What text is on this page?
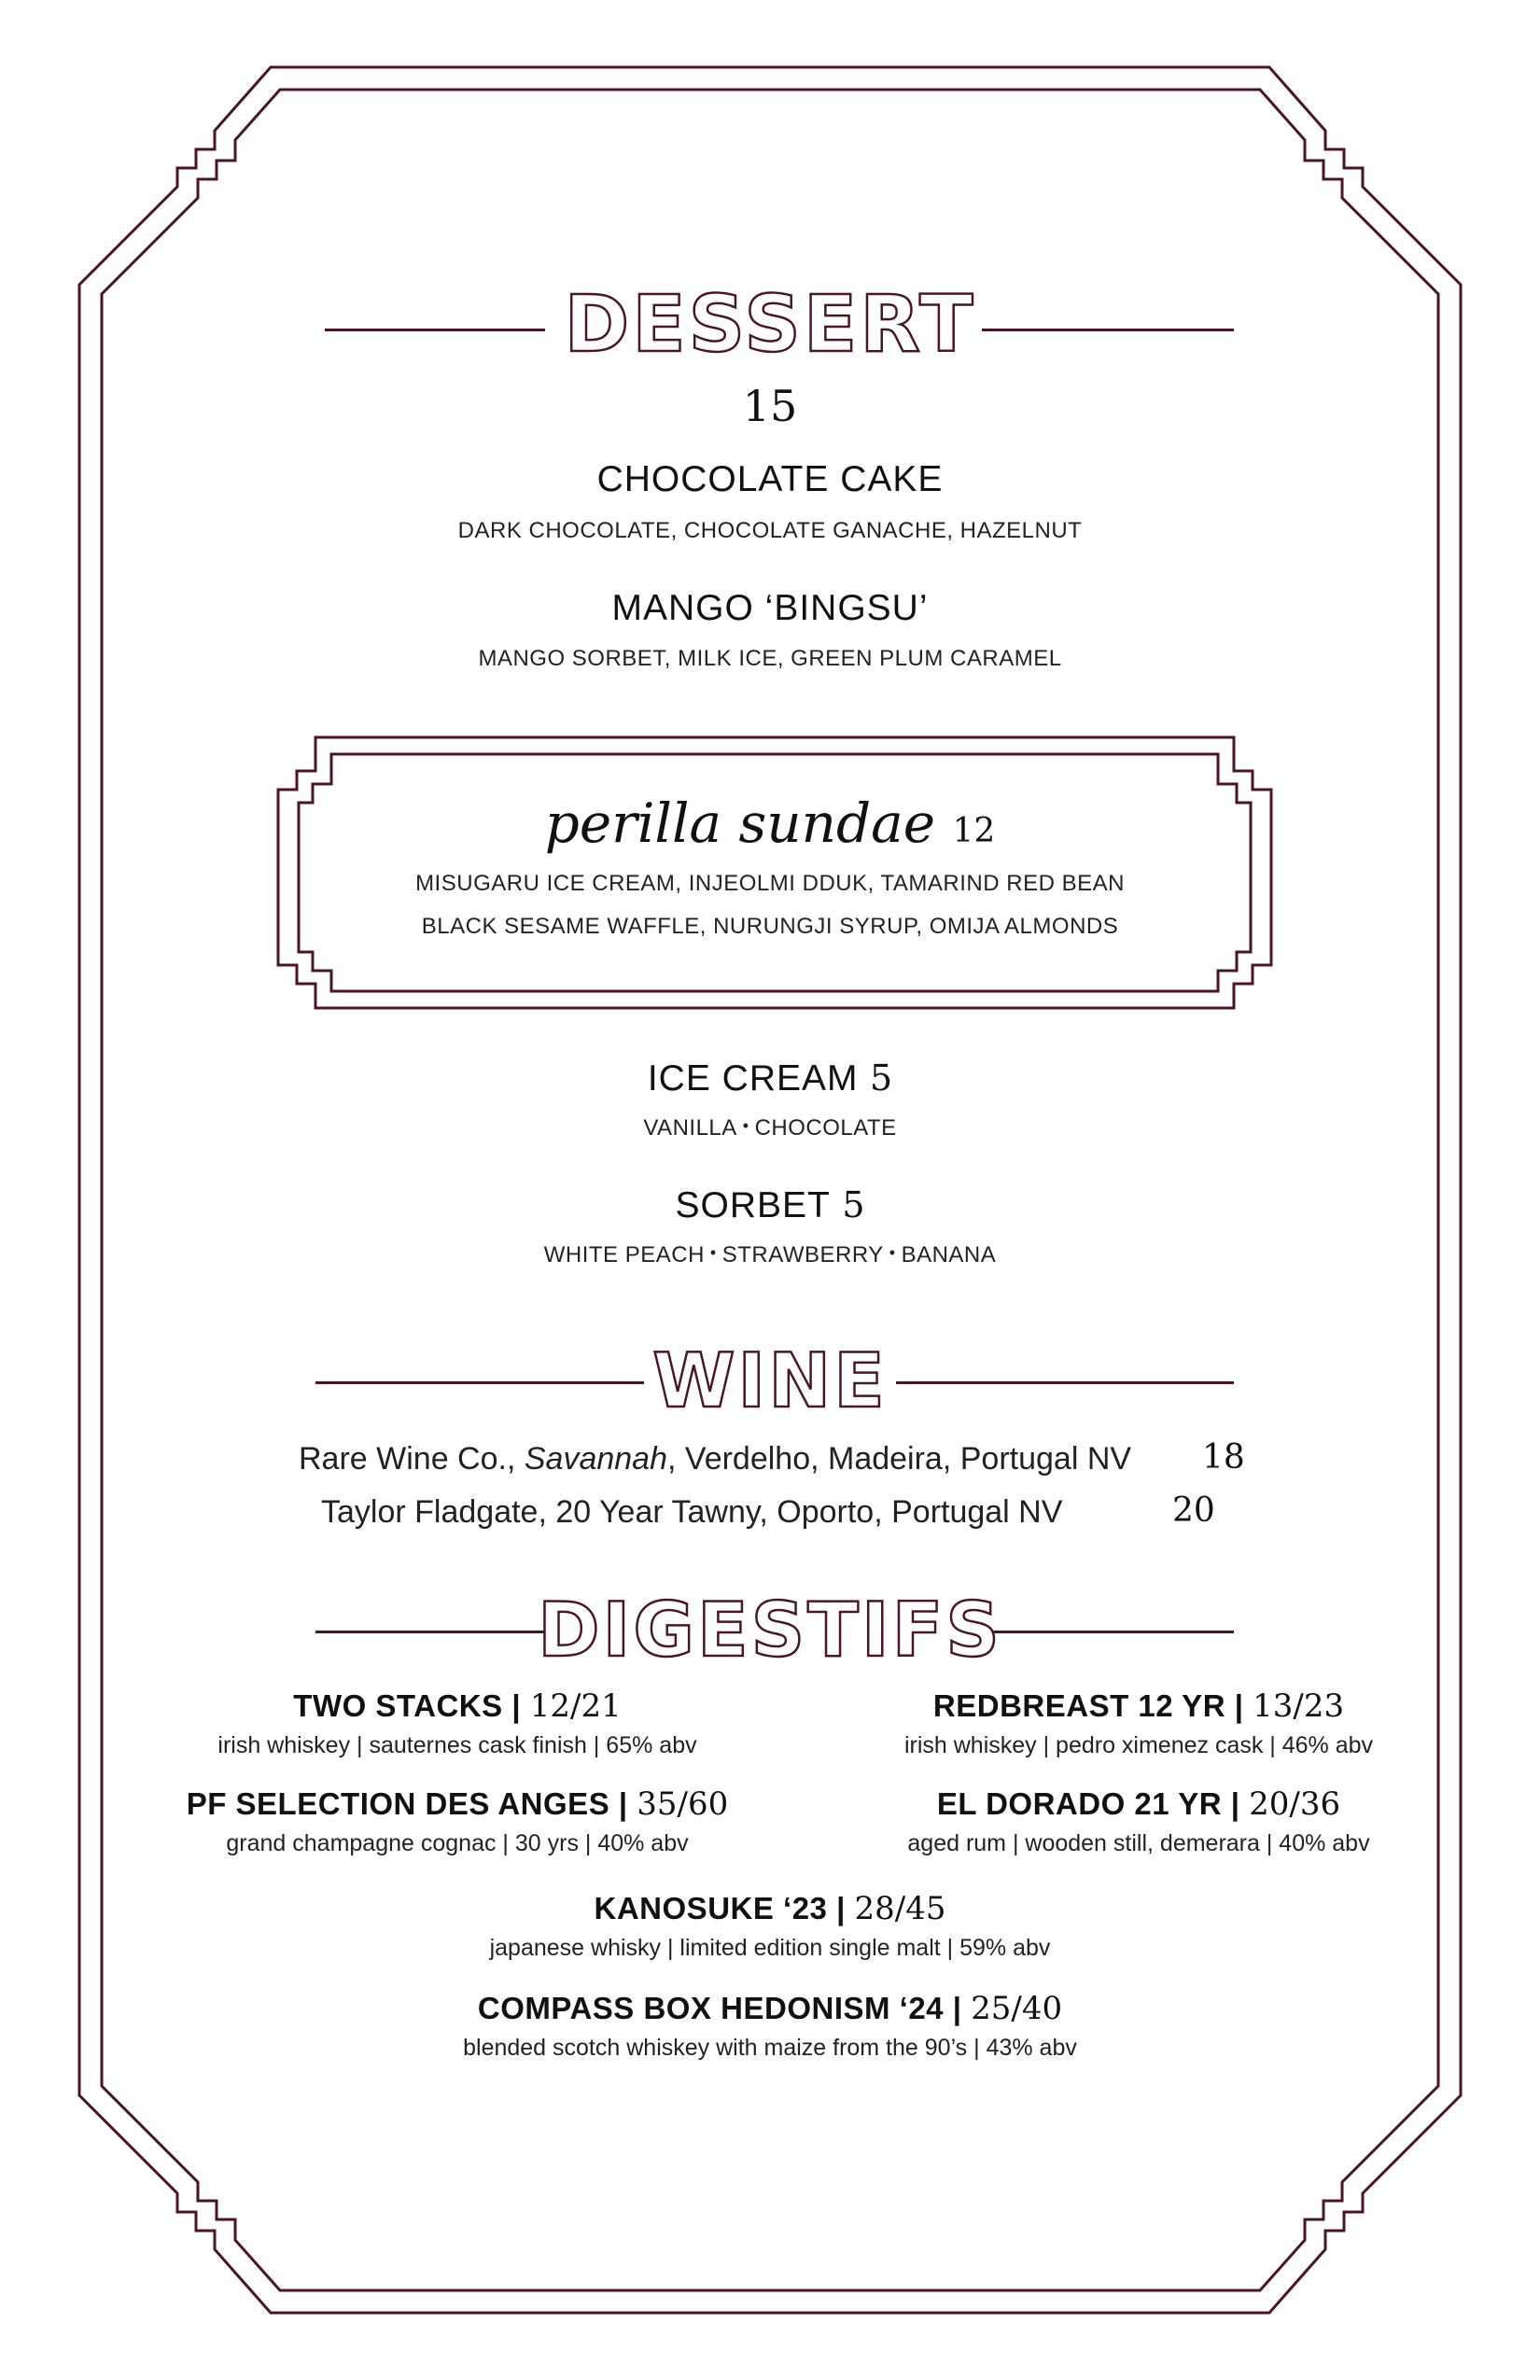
DESSERT
15
CHOCOLATE CAKE
DARK CHOCOLATE, CHOCOLATE GANACHE, HAZELNUT
MANGO ‘BINGSU’
MANGO SORBET, MILK ICE, GREEN PLUM CARAMEL
perilla sundae 12
MISUGARU ICE CREAM, INJEOLMI DDUK, TAMARIND RED BEAN
BLACK SESAME WAFFLE, NURUNGJI SYRUP, OMIJA ALMONDS
ICE CREAM 5
VANILLA • CHOCOLATE
SORBET 5
WHITE PEACH • STRAWBERRY • BANANA
WINE
Rare Wine Co., Savannah, Verdelho, Madeira, Portugal NV 18
Taylor Fladgate, 20 Year Tawny, Oporto, Portugal NV	20
DIGESTIFS
TWO STACKS | 12/21
irish whiskey | sauternes cask finish | 65% abv
REDBREAST 12 YR | 13/23
irish whiskey | pedro ximenez cask | 46% abv
PF SELECTION DES ANGES | 35/60
grand champagne cognac | 30 yrs | 40% abv
EL DORADO 21 YR | 20/36
aged rum | wooden still, demerara | 40% abv
KANOSUKE ‘23 | 28/45
japanese whisky | limited edition single malt | 59% abv
COMPASS BOX HEDONISM ‘24 | 25/40
blended scotch whiskey with maize from the 90’s | 43% abv
